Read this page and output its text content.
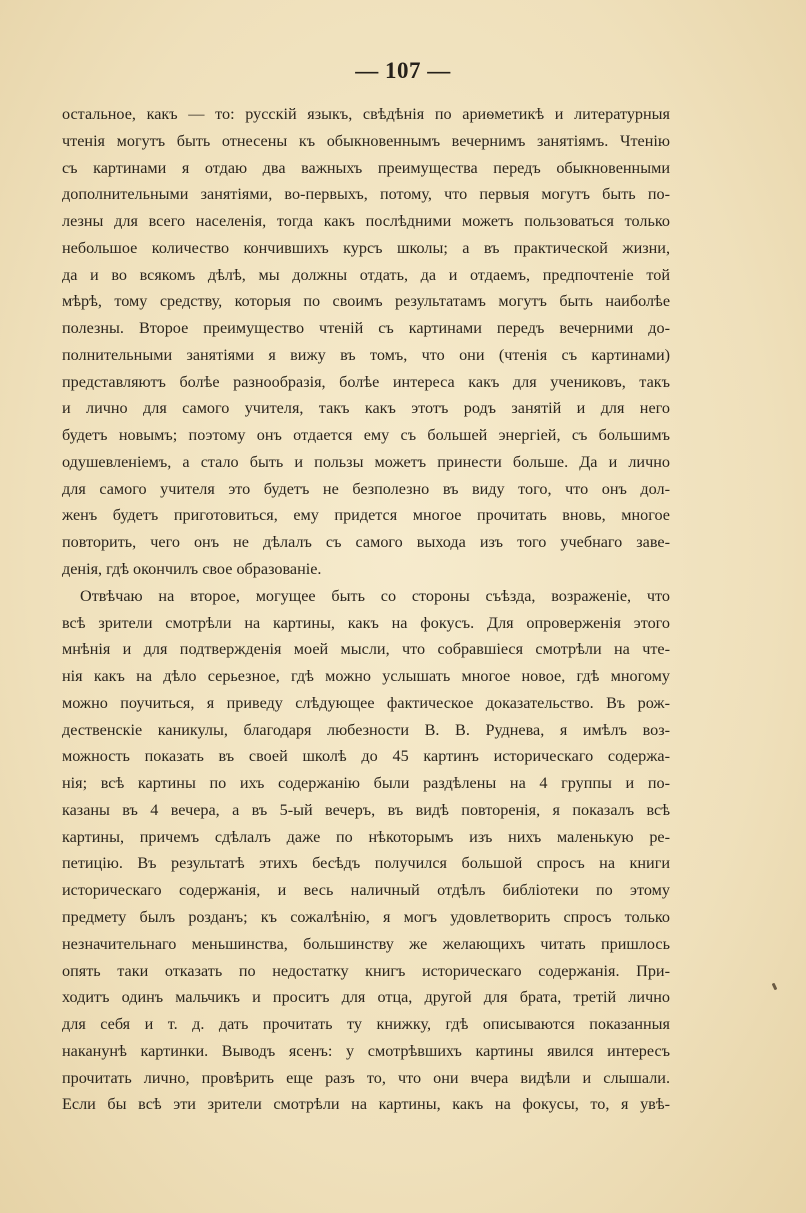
— 107 —
остальное, какъ — то: русскій языкъ, свѣдѣнія по ариѳметикѣ и литературныя
чтенія могутъ быть отнесены къ обыкновеннымъ вечернимъ занятіямъ. Чтенію
съ картинами я отдаю два важныхъ преимущества передъ обыкновенными
дополнительными занятіями, во-первыхъ, потому, что первыя могутъ быть по-
лезны для всего населенія, тогда какъ послѣдними можетъ пользоваться только
небольшое количество кончившихъ курсъ школы; а въ практической жизни,
да и во всякомъ дѣлѣ, мы должны отдать, да и отдаемъ, предпочтеніе той
мѣрѣ, тому средству, которыя по своимъ результатамъ могутъ быть наиболѣе
полезны. Второе преимущество чтеній съ картинами передъ вечерними до-
полнительными занятіями я вижу въ томъ, что они (чтенія съ картинами)
представляютъ болѣе разнообразія, болѣе интереса какъ для учениковъ, такъ
и лично для самого учителя, такъ какъ этотъ родъ занятій и для него
будетъ новымъ; поэтому онъ отдается ему съ большей энергіей, съ большимъ
одушевленіемъ, а стало быть и пользы можетъ принести больше. Да и лично
для самого учителя это будетъ не безполезно въ виду того, что онъ дол-
женъ будетъ приготовиться, ему придется многое прочитать вновь, многое
повторить, чего онъ не дѣлалъ съ самого выхода изъ того учебнаго заве-
денія, гдѣ окончилъ свое образованіе.
Отвѣчаю на второе, могущее быть со стороны съѣзда, возраженіе, что
всѣ зрители смотрѣли на картины, какъ на фокусъ. Для опроверженія этого
мнѣнія и для подтвержденія моей мысли, что собравшіеся смотрѣли на чте-
нія какъ на дѣло серьезное, гдѣ можно услышать многое новое, гдѣ многому
можно поучиться, я приведу слѣдующее фактическое доказательство. Въ рож-
дественскіе каникулы, благодаря любезности В. В. Руднева, я имѣлъ воз-
можность показать въ своей школѣ до 45 картинъ историческаго содержа-
нія; всѣ картины по ихъ содержанію были раздѣлены на 4 группы и по-
казаны въ 4 вечера, а въ 5-ый вечеръ, въ видѣ повторенія, я показалъ всѣ
картины, причемъ сдѣлалъ даже по нѣкоторымъ изъ нихъ маленькую ре-
петицію. Въ результатѣ этихъ бесѣдъ получился большой спросъ на книги
историческаго содержанія, и весь наличный отдѣлъ библіотеки по этому
предмету былъ розданъ; къ сожалѣнію, я могъ удовлетворить спросъ только
незначительнаго меньшинства, большинству же желающихъ читать пришлось
опять таки отказать по недостатку книгъ историческаго содержанія. При-
ходитъ одинъ мальчикъ и проситъ для отца, другой для брата, третій лично
для себя и т. д. дать прочитать ту книжку, гдѣ описываются показанныя
наканунѣ картинки. Выводъ ясенъ: у смотрѣвшихъ картины явился интересъ
прочитать лично, провѣрить еще разъ то, что они вчера видѣли и слышали.
Если бы всѣ эти зрители смотрѣли на картины, какъ на фокусы, то, я увѣ-
